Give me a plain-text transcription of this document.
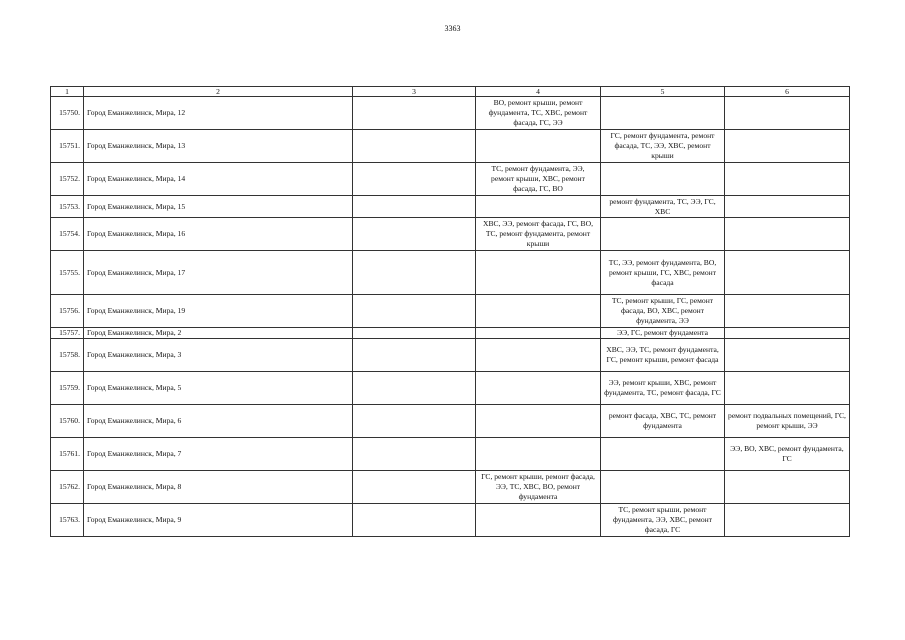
3363
1	2	3	4	5	6
15750.	Город Еманжелинск, Мира, 12		ВО, ремонт крыши, ремонт фундамента, ТС, ХВС, ремонт фасада, ГС, ЭЭ		
15751.	Город Еманжелинск, Мира, 13			ГС, ремонт фундамента, ремонт фасада, ТС, ЭЭ, ХВС, ремонт крыши	
15752.	Город Еманжелинск, Мира, 14		ТС, ремонт фундамента, ЭЭ, ремонт крыши, ХВС, ремонт фасада, ГС, ВО		
15753.	Город Еманжелинск, Мира, 15			ремонт фундамента, ТС, ЭЭ, ГС, ХВС	
15754.	Город Еманжелинск, Мира, 16		ХВС, ЭЭ, ремонт фасада, ГС, ВО, ТС, ремонт фундамента, ремонт крыши		
15755.	Город Еманжелинск, Мира, 17			ТС, ЭЭ, ремонт фундамента, ВО, ремонт крыши, ГС, ХВС, ремонт фасада	
15756.	Город Еманжелинск, Мира, 19			ТС, ремонт крыши, ГС, ремонт фасада, ВО, ХВС, ремонт фундамента, ЭЭ	
15757.	Город Еманжелинск, Мира, 2			ЭЭ, ГС, ремонт фундамента	
15758.	Город Еманжелинск, Мира, 3			ХВС, ЭЭ, ТС, ремонт фундамента, ГС, ремонт крыши, ремонт фасада	
15759.	Город Еманжелинск, Мира, 5			ЭЭ, ремонт крыши, ХВС, ремонт фундамента, ТС, ремонт фасада, ГС	
15760.	Город Еманжелинск, Мира, 6			ремонт фасада, ХВС, ТС, ремонт фундамента	ремонт подвальных помещений, ГС, ремонт крыши, ЭЭ
15761.	Город Еманжелинск, Мира, 7				ЭЭ, ВО, ХВС, ремонт фундамента, ГС
15762.	Город Еманжелинск, Мира, 8		ГС, ремонт крыши, ремонт фасада, ЭЭ, ТС, ХВС, ВО, ремонт фундамента		
15763.	Город Еманжелинск, Мира, 9			ТС, ремонт крыши, ремонт фундамента, ЭЭ, ХВС, ремонт фасада, ГС	
